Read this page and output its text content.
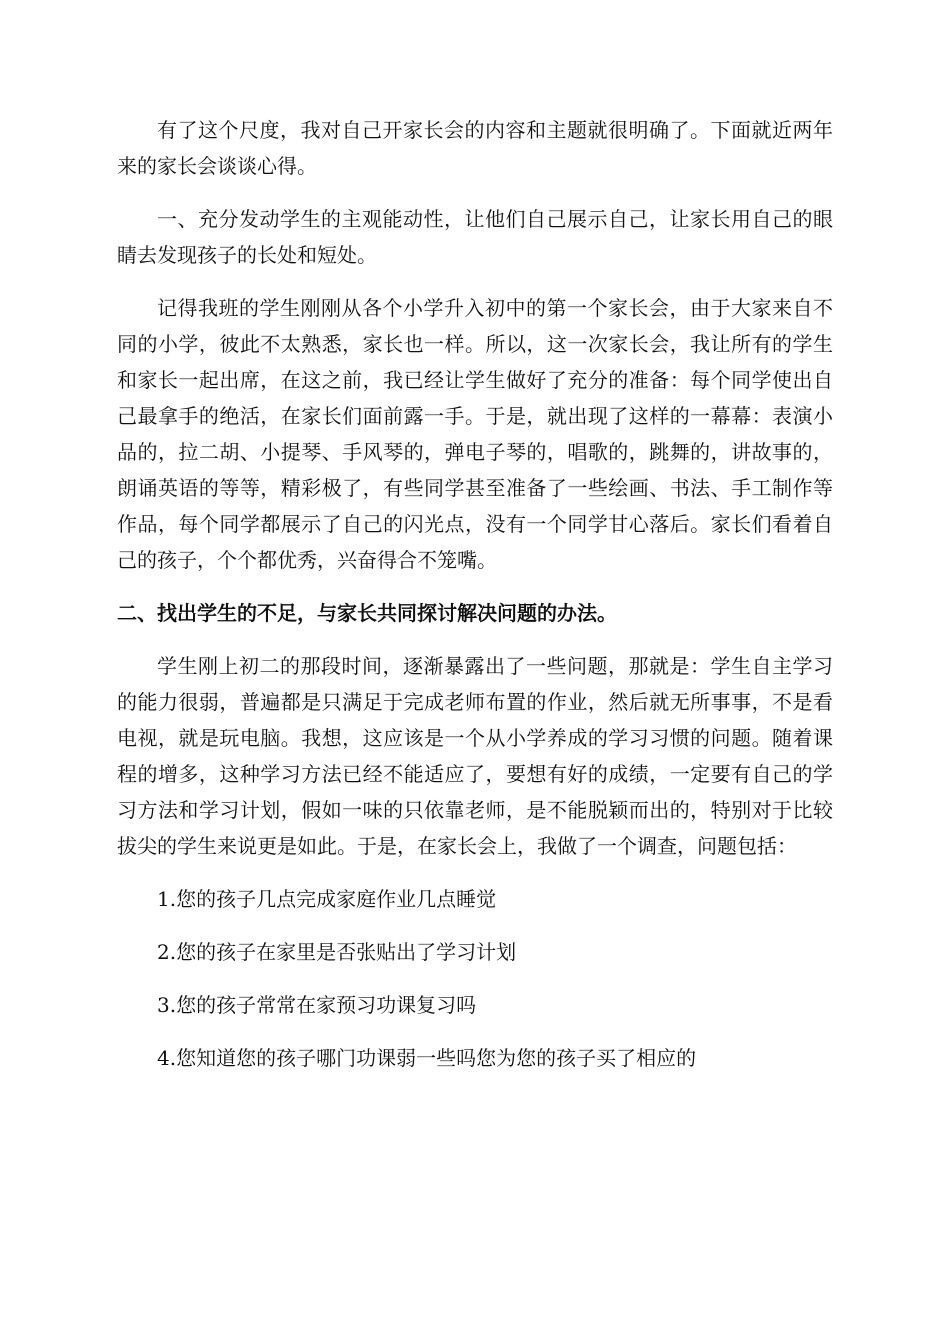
有了这个尺度，我对自己开家长会的内容和主题就很明确了。下面就近两年来的家长会谈谈心得。

一、充分发动学生的主观能动性，让他们自己展示自己，让家长用自己的眼睛去发现孩子的长处和短处。

记得我班的学生刚刚从各个小学升入初中的第一个家长会，由于大家来自不同的小学，彼此不太熟悉，家长也一样。所以，这一次家长会，我让所有的学生和家长一起出席，在这之前，我已经让学生做好了充分的准备：每个同学使出自己最拿手的绝活，在家长们面前露一手。于是，就出现了这样的一幕幕：表演小品的，拉二胡、小提琴、手风琴的，弹电子琴的，唱歌的，跳舞的，讲故事的，朗诵英语的等等，精彩极了，有些同学甚至准备了一些绘画、书法、手工制作等作品，每个同学都展示了自己的闪光点，没有一个同学甘心落后。家长们看着自己的孩子，个个都优秀，兴奋得合不笼嘴。

二、找出学生的不足，与家长共同探讨解决问题的办法。

学生刚上初二的那段时间，逐渐暴露出了一些问题，那就是：学生自主学习的能力很弱，普遍都是只满足于完成老师布置的作业，然后就无所事事，不是看电视，就是玩电脑。我想，这应该是一个从小学养成的学习习惯的问题。随着课程的增多，这种学习方法已经不能适应了，要想有好的成绩，一定要有自己的学习方法和学习计划，假如一味的只依靠老师，是不能脱颖而出的，特别对于比较拔尖的学生来说更是如此。于是，在家长会上，我做了一个调查，问题包括：

1.您的孩子几点完成家庭作业几点睡觉

2.您的孩子在家里是否张贴出了学习计划

3.您的孩子常常在家预习功课复习吗

4.您知道您的孩子哪门功课弱一些吗您为您的孩子买了相应的
